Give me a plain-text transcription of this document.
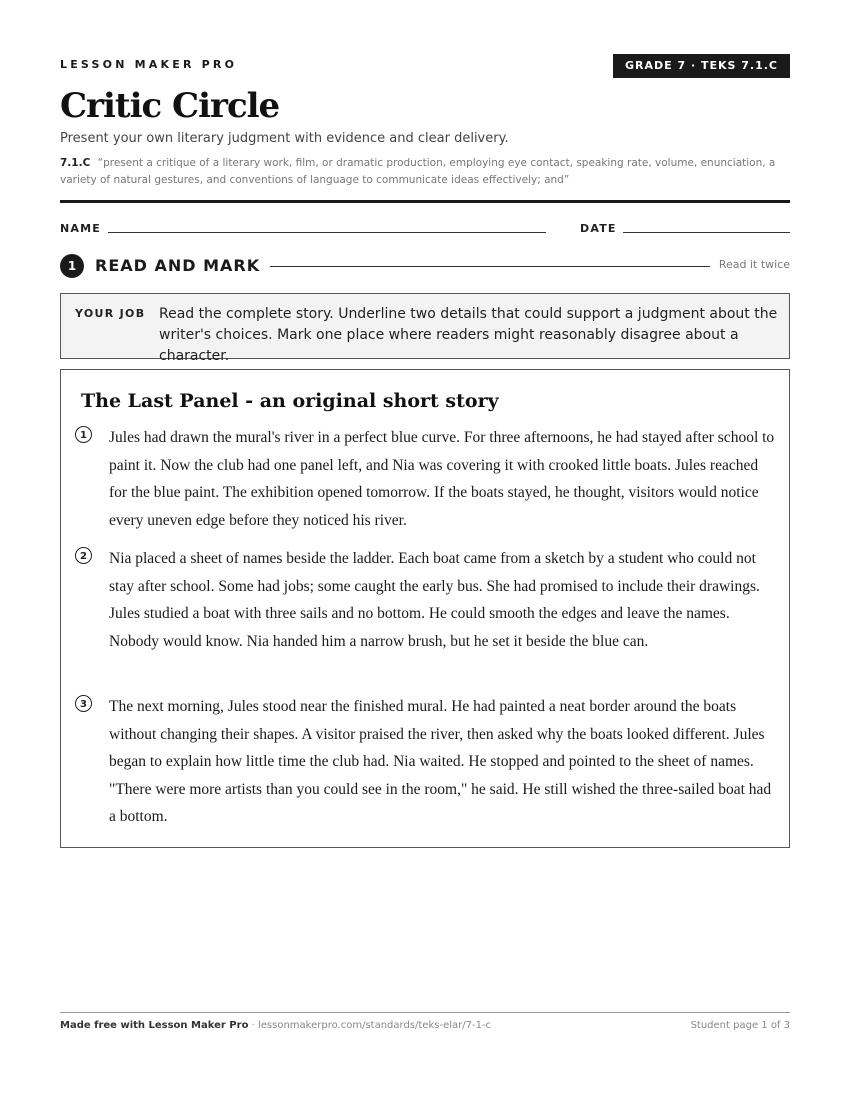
LESSON MAKER PRO	GRADE 7 · TEKS 7.1.C
Critic Circle
Present your own literary judgment with evidence and clear delivery.
7.1.C “present a critique of a literary work, film, or dramatic production, employing eye contact, speaking rate, volume, enunciation, a variety of natural gestures, and conventions of language to communicate ideas effectively; and”
NAME	DATE
1	READ AND MARK	Read it twice
YOUR JOB Read the complete story. Underline two details that could support a judgment about the writer's choices. Mark one place where readers might reasonably disagree about a character.
The Last Panel - an original short story
1	Jules had drawn the mural's river in a perfect blue curve. For three afternoons, he had stayed after school to paint it. Now the club had one panel left, and Nia was covering it with crooked little boats. Jules reached for the blue paint. The exhibition opened tomorrow. If the boats stayed, he thought, visitors would notice every uneven edge before they noticed his river.
2	Nia placed a sheet of names beside the ladder. Each boat came from a sketch by a student who could not stay after school. Some had jobs; some caught the early bus. She had promised to include their drawings. Jules studied a boat with three sails and no bottom. He could smooth the edges and leave the names. Nobody would know. Nia handed him a narrow brush, but he set it beside the blue can.
3	The next morning, Jules stood near the finished mural. He had painted a neat border around the boats without changing their shapes. A visitor praised the river, then asked why the boats looked different. Jules began to explain how little time the club had. Nia waited. He stopped and pointed to the sheet of names. "There were more artists than you could see in the room," he said. He still wished the three-sailed boat had a bottom.
Made free with Lesson Maker Pro · lessonmakerpro.com/standards/teks-elar/7-1-c	Student page 1 of 3
